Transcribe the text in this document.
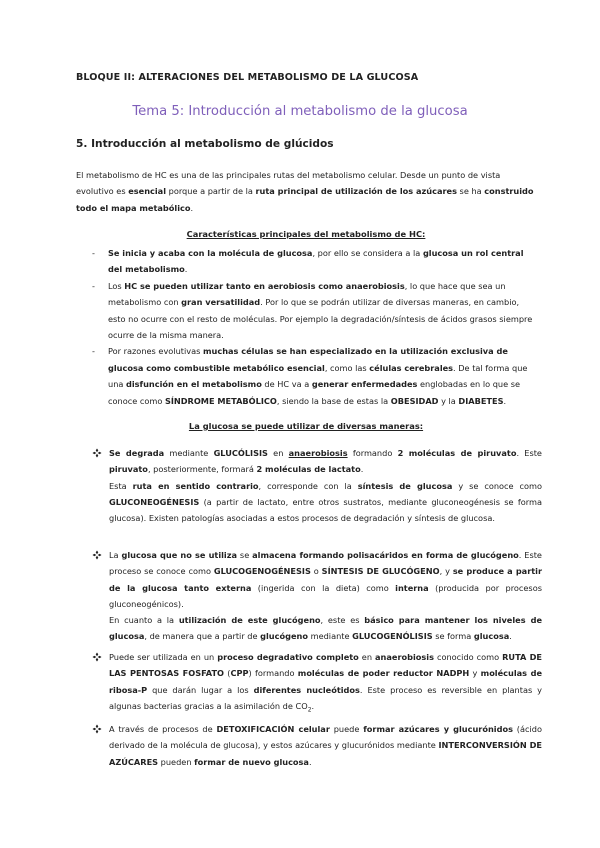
BLOQUE II: ALTERACIONES DEL METABOLISMO DE LA GLUCOSA
Tema 5: Introducción al metabolismo de la glucosa
5. Introducción al metabolismo de glúcidos
El metabolismo de HC es una de las principales rutas del metabolismo celular. Desde un punto de vista evolutivo es esencial porque a partir de la ruta principal de utilización de los azúcares se ha construido todo el mapa metabólico.
Características principales del metabolismo de HC:

- Se inicia y acaba con la molécula de glucosa, por ello se considera a la glucosa un rol central del metabolismo.

- Los HC se pueden utilizar tanto en aerobiosis como anaerobiosis, lo que hace que sea un metabolismo con gran versatilidad. Por lo que se podrán utilizar de diversas maneras, en cambio, esto no ocurre con el resto de moléculas. Por ejemplo la degradación/síntesis de ácidos grasos siempre ocurre de la misma manera.

- Por razones evolutivas muchas células se han especializado en la utilización exclusiva de glucosa como combustible metabólico esencial, como las células cerebrales. De tal forma que una disfunción en el metabolismo de HC va a generar enfermedades englobadas en lo que se conoce como SÍNDROME METABÓLICO, siendo la base de estas la OBESIDAD y la DIABETES.

La glucosa se puede utilizar de diversas maneras:
Se degrada mediante GLUCÓLISIS en anaerobiosis formando 2 moléculas de piruvato. Este piruvato, posteriormente, formará 2 moléculas de lactato.
Esta ruta en sentido contrario, corresponde con la síntesis de glucosa y se conoce como GLUCONEOGÉNESIS (a partir de lactato, entre otros sustratos, mediante gluconeogénesis se forma glucosa). Existen patologías asociadas a estos procesos de degradación y síntesis de glucosa.
La glucosa que no se utiliza se almacena formando polisacáridos en forma de glucógeno. Este proceso se conoce como GLUCOGENOGÉNESIS o SÍNTESIS DE GLUCÓGENO, y se produce a partir de la glucosa tanto externa (ingerida con la dieta) como interna (producida por procesos gluconeogénicos).
En cuanto a la utilización de este glucógeno, este es básico para mantener los niveles de glucosa, de manera que a partir de glucógeno mediante GLUCOGENÓLISIS se forma glucosa.
Puede ser utilizada en un proceso degradativo completo en anaerobiosis conocido como RUTA DE LAS PENTOSAS FOSFATO (CPP) formando moléculas de poder reductor NADPH y moléculas de ribosa-P que darán lugar a los diferentes nucleótidos. Este proceso es reversible en plantas y algunas bacterias gracias a la asimilación de $CO_2$.
A través de procesos de DETOXIFICACIÓN celular puede formar azúcares y glucurónidos (ácido derivado de la molécula de glucosa), y estos azúcares y glucurónidos mediante INTERCONVERSIÓN DE AZÚCARES pueden formar de nuevo glucosa.
